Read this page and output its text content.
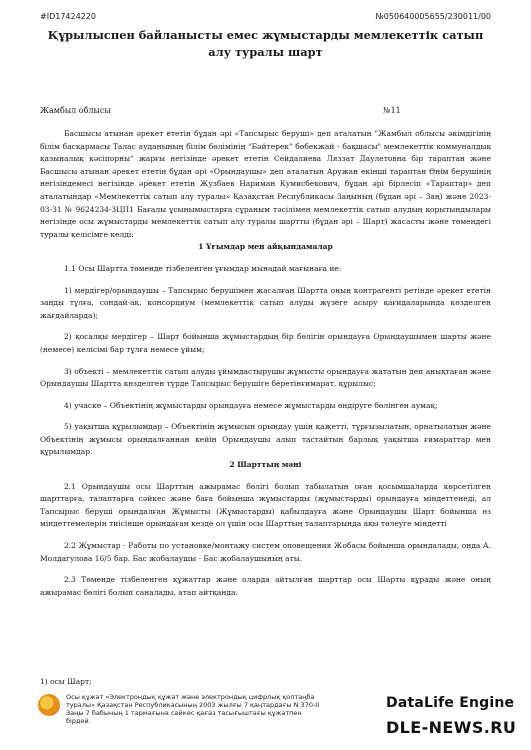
#ID17424220	№050640005655/230011/00
Құрылыспен байланысты емес жұмыстарды мемлекеттік сатып алу туралы шарт
Жамбыл облысы	№11

Басшысы атынан әрекет ететін бұдан әрі «Тапсырыс беруші» деп аталатын "Жамбыл облысы әкімдігінің білім басқармасы Талас ауданының білім бөлімінің "Бәйтерек" бөбекжай - бақшасы" мемлекеттік коммуналдық қазыналық кәсіпорны" жарғы негізінде әрекет ететін Сейдалиева Ляззат Даулетовна бір тараптан және Басшысы атынан әрекет ететін бұдан әрі «Орындаушы» деп аталатын Аружан екінші тараптан Өнім берушінің негізіндемесі негізінде әрекет ететін Жузбаев Нариман Кумисбекович, бұдан әрі бірлесіп «Тараптар» деп аталатындар «Мемлекеттік сатып алу туралы» Қазақстан Республикасы Заңының (бұдан әрі – Заң) және 2023-03-31 № 9624234-ЗЦП1 Бағалы ұсынымыстарға сұраным тәсілімен мемлекеттік сатып алудың қорытындылары негізінде осы жұмыстарды мемлекеттік сатып алу туралы шартты (бұдан әрі – Шарт) жасасты және төмендегі туралы келісімге келді:

1 Ұғымдар мен айқындамалар

1.1 Осы Шартта төменде тізбеленген ұғымдар мынадай мағынаға ие:

1) мердігер/орындаушы – Тапсырыс берушімен жасалған Шартта оның контрагенті ретінде әрекет ететін заңды тұлға, сондай-ақ, консорциум (мемлекеттік сатып алуды жүзеге асыру қағидаларында көзделген жағдайларда);

2) қосалқы мердігер – Шарт бойынша жұмыстардың бір бөлігін орындауға Орындаушымен шарты және (немесе) келісімі бар тұлға немесе ұйым;

3) объекті – мемлекеттік сатып алуды ұйымдастырушы жұмысты орындауға жататын деп анықтаған және Орындаушы Шартта көзделген түрде Тапсырыс берушіге беретінғимарат, құрылыс;

4) учаске – Объектінің жұмыстарды орындауға немесе жұмыстарды өндіруге бөлінген аумақ;

5) уақытша құрылымдар – Объектінің жұмысын орындау үшін қажетті, тұрғызылатын, орнатылатын және Объектінің жұмысы орындалғаннан кейін Орындаушы алып тастайтын барлық уақытша ғимараттар мен құрылымдар.

2 Шарттың мәні

2.1 Орындаушы осы Шарттың ажырамас бөлігі болып табылатын оған қосымшаларда көрсетілген шарттарға, талаптарға сәйкес және баға бойынша жұмыстарды (жұмыстарды) орындауға міндеттенеді, ал Тапсырыс беруші орындалған Жұмысты (Жұмыстарды) қабылдауға және Орындаушы Шарт бойынша өз міндеттемелерін тиісінше орындаған кезде ол үшін осы Шарттың талаптарында ақы төлеуге міндетті

2.2 Жұмыстар - Работы по установке/монтажу систем оповещения Жобасы бойынша орындалады, онда А. Молдагулова 16/5 бар. Бас жобалаушы - Бас жобалаушының аты.

2.3 Төменде тізбеленген құжаттар және оларда айтылған шарттар осы Шарты құрады және оның ажырамас бөлігі болып саналады, атап айтқанда:

1) осы Шарт;
Осы құжат «Электрондық құжат және электрондық цифрлық қолтаңба туралы» Қазақстан Республикасының 2003 жылғы 7 қаңтардағы N 370-II Заңы 7 бабының 1 тармағына сәйкес қағаз тасығыштағы құжатпен бірдей.
DataLife Engine
DLE-NEWS.RU
